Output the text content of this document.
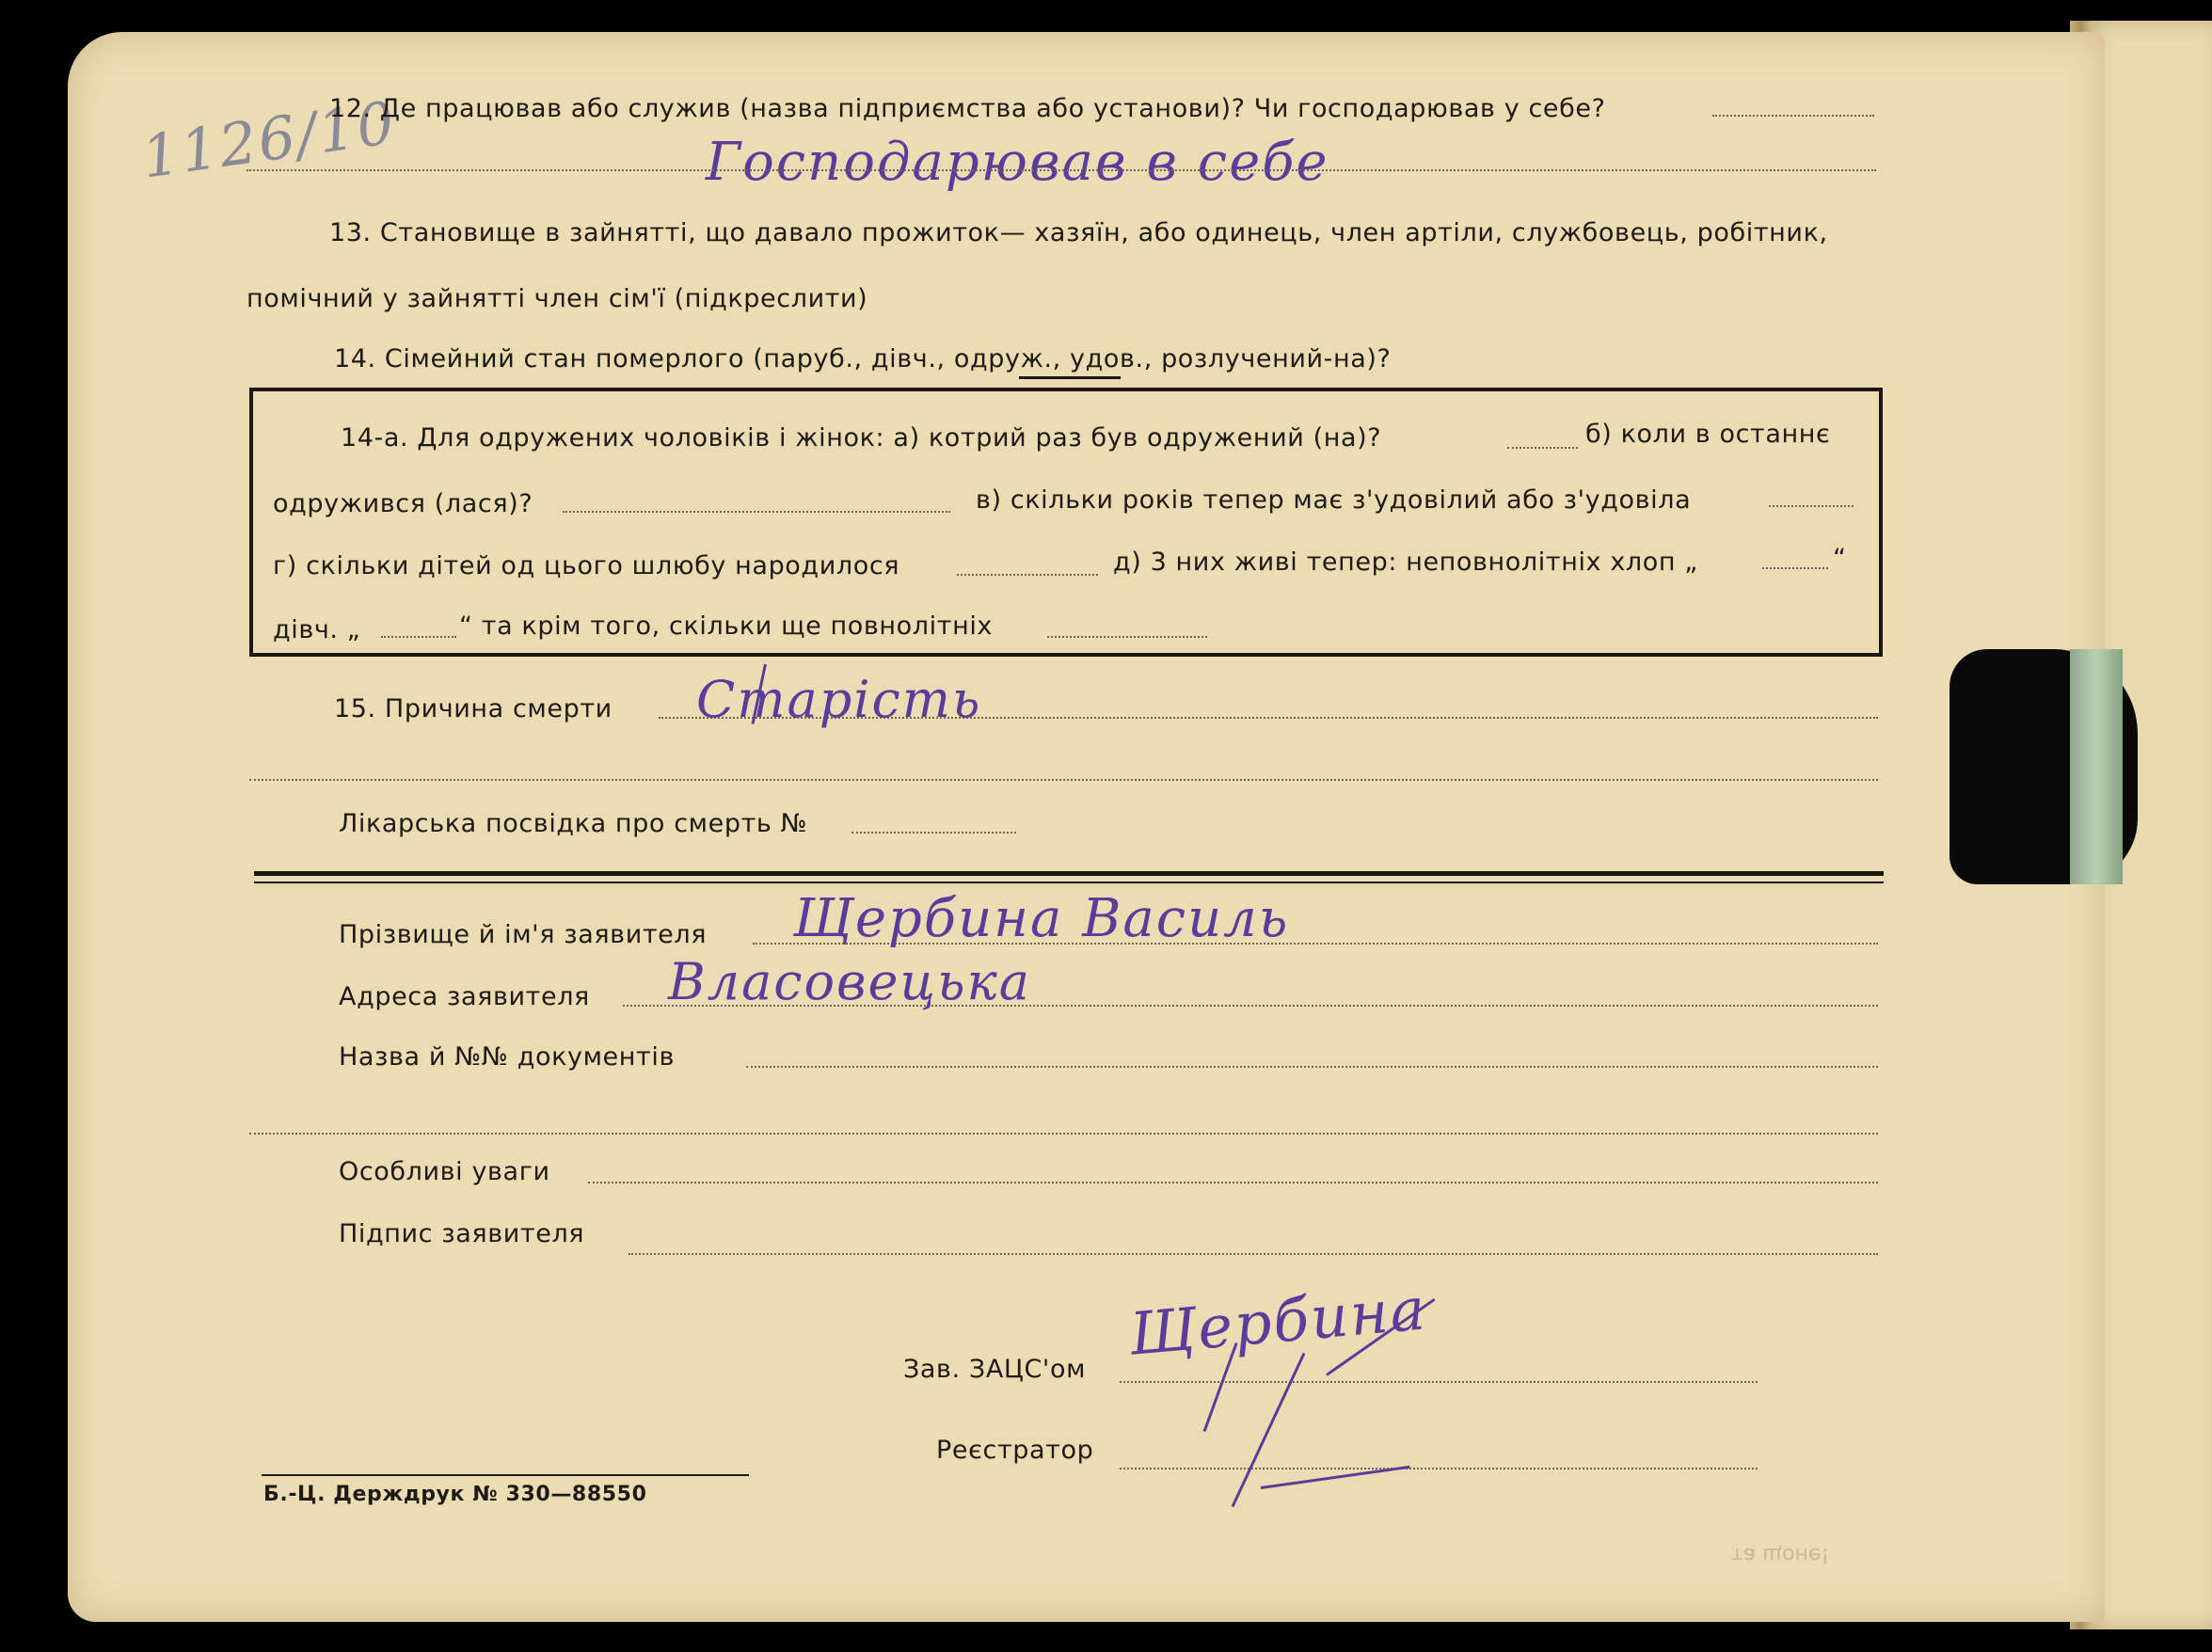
та щоне!
1126/10
12. Де працював або служив (назва підприємства або установи)? Чи господарював у себе?
Господарював в себе
13. Становище в зайнятті, що давало прожиток— хазяїн, або одинець, член артіли, службовець, робітник,
помічний у зайнятті член сім'ї (підкреслити)
14. Сімейний стан померлого (паруб., дівч., одруж., удов., розлучений-на)?
14-а. Для одружених чоловіків і жінок: а) котрий раз був одружений (на)?	б) коли в останнє
одружився (лася)?	в) скільки років тепер має з'удовілий або з'удовіла
г) скільки дітей од цього шлюбу народилося	д) 3 них живі тепер: неповнолітніх хлоп „	“
дівч. „	“ та крім того, скільки ще повнолітніх
15. Причина смерти Старість
Лікарська посвідка про смерть №
Прізвище й ім'я заявителя Щербина Василь
Адреса заявителя Власовецька
Назва й №№ документів
Особливі уваги
Підпис заявителя
Зав. ЗАЦС'ом
Щербина
Реєстратор
Б.-Ц. Держдрук № 330—88550
